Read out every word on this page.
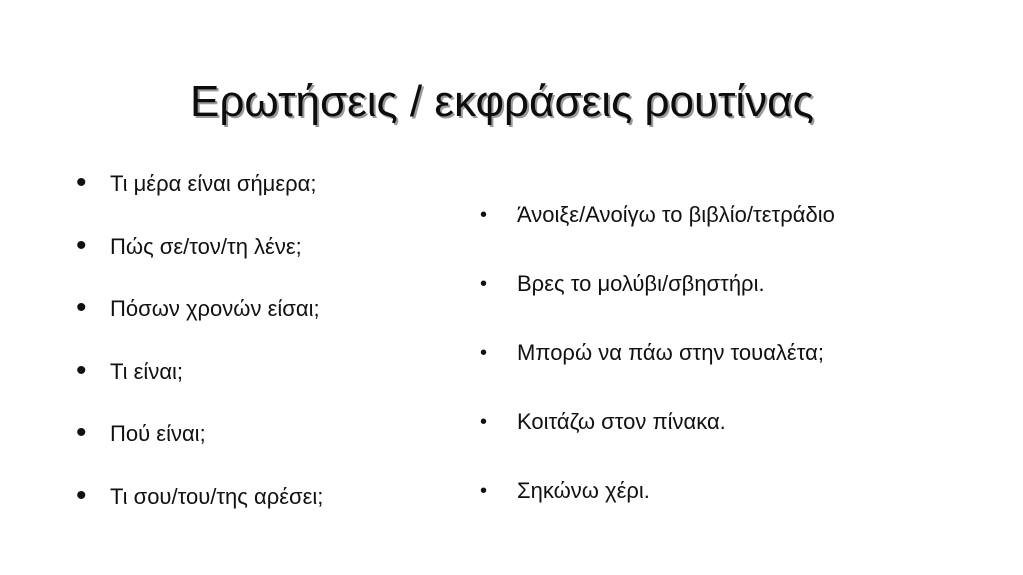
Ερωτήσεις / εκφράσεις ρουτίνας
• Τι μέρα είναι σήμερα;
• Πώς σε/τον/τη λένε;
• Πόσων χρονών είσαι;
• Τι είναι;
• Πού είναι;
• Τι σου/του/της αρέσει;
• Άνοιξε/Ανοίγω το βιβλίο/τετράδιο
• Βρες το μολύβι/σβηστήρι.
• Μπορώ να πάω στην τουαλέτα;
• Κοιτάζω στον πίνακα.
• Σηκώνω χέρι.
